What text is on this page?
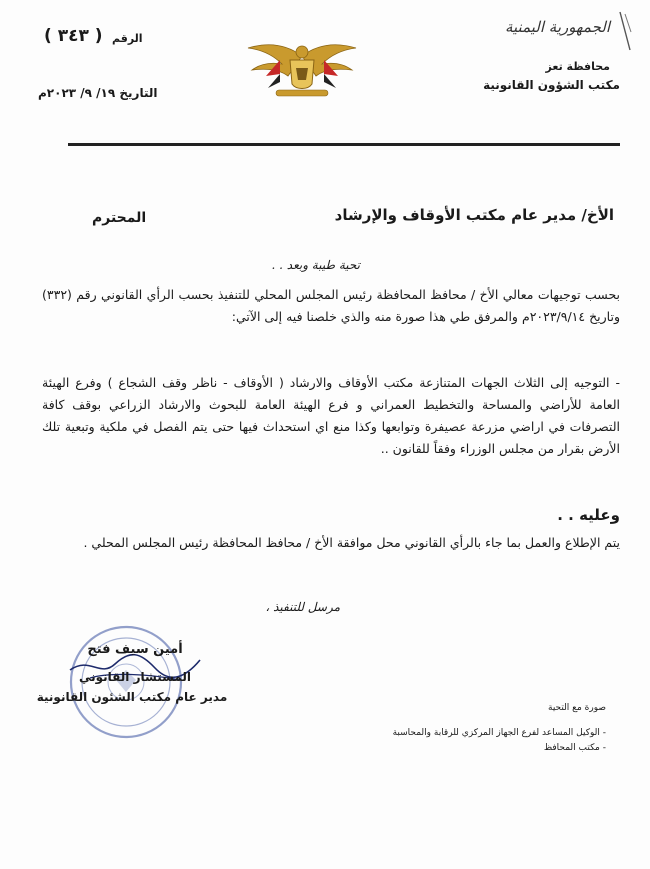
الجمهورية اليمنية
محافظة تعز
مكتب الشؤون القانونية
الرقم
( ٣٤٣ )
التاريخ ١٩/ ٩/ ٢٠٢٣م
الأخ/ مدير عام مكتب الأوقاف والإرشاد
المحترم
تحية طيبة وبعد . .
بحسب توجيهات معالي الأخ / محافظ المحافظة رئيس المجلس المحلي للتنفيذ بحسب الرأي القانوني رقم (٣٣٢) وتاريخ ٢٠٢٣/٩/١٤م والمرفق طي هذا صورة منه والذي خلصنا فيه إلى الآتي:
- التوجيه إلى الثلاث الجهات المتنازعة مكتب الأوقاف والارشاد ( الأوقاف - ناظر وقف الشجاع ) وفرع الهيئة العامة للأراضي والمساحة والتخطيط العمراني و فرع الهيئة العامة للبحوث والارشاد الزراعي بوقف كافة التصرفات في اراضي مزرعة عصيفرة وتوابعها وكذا منع اي استحداث فيها حتى يتم الفصل في ملكية وتبعية تلك الأرض بقرار من مجلس الوزراء وفقاً للقانون ..
وعليه . .
يتم الإطلاع والعمل بما جاء بالرأي القانوني محل موافقة الأخ / محافظ المحافظة رئيس المجلس المحلي .
مرسل للتنفيذ ،
أمين سيف فتح
المستشار القانوني
مدير عام مكتب الشئون القانونية
صورة مع التحية
- الوكيل المساعد لفرع الجهاز المركزي للرقابة والمحاسبة
- مكتب المحافظ
